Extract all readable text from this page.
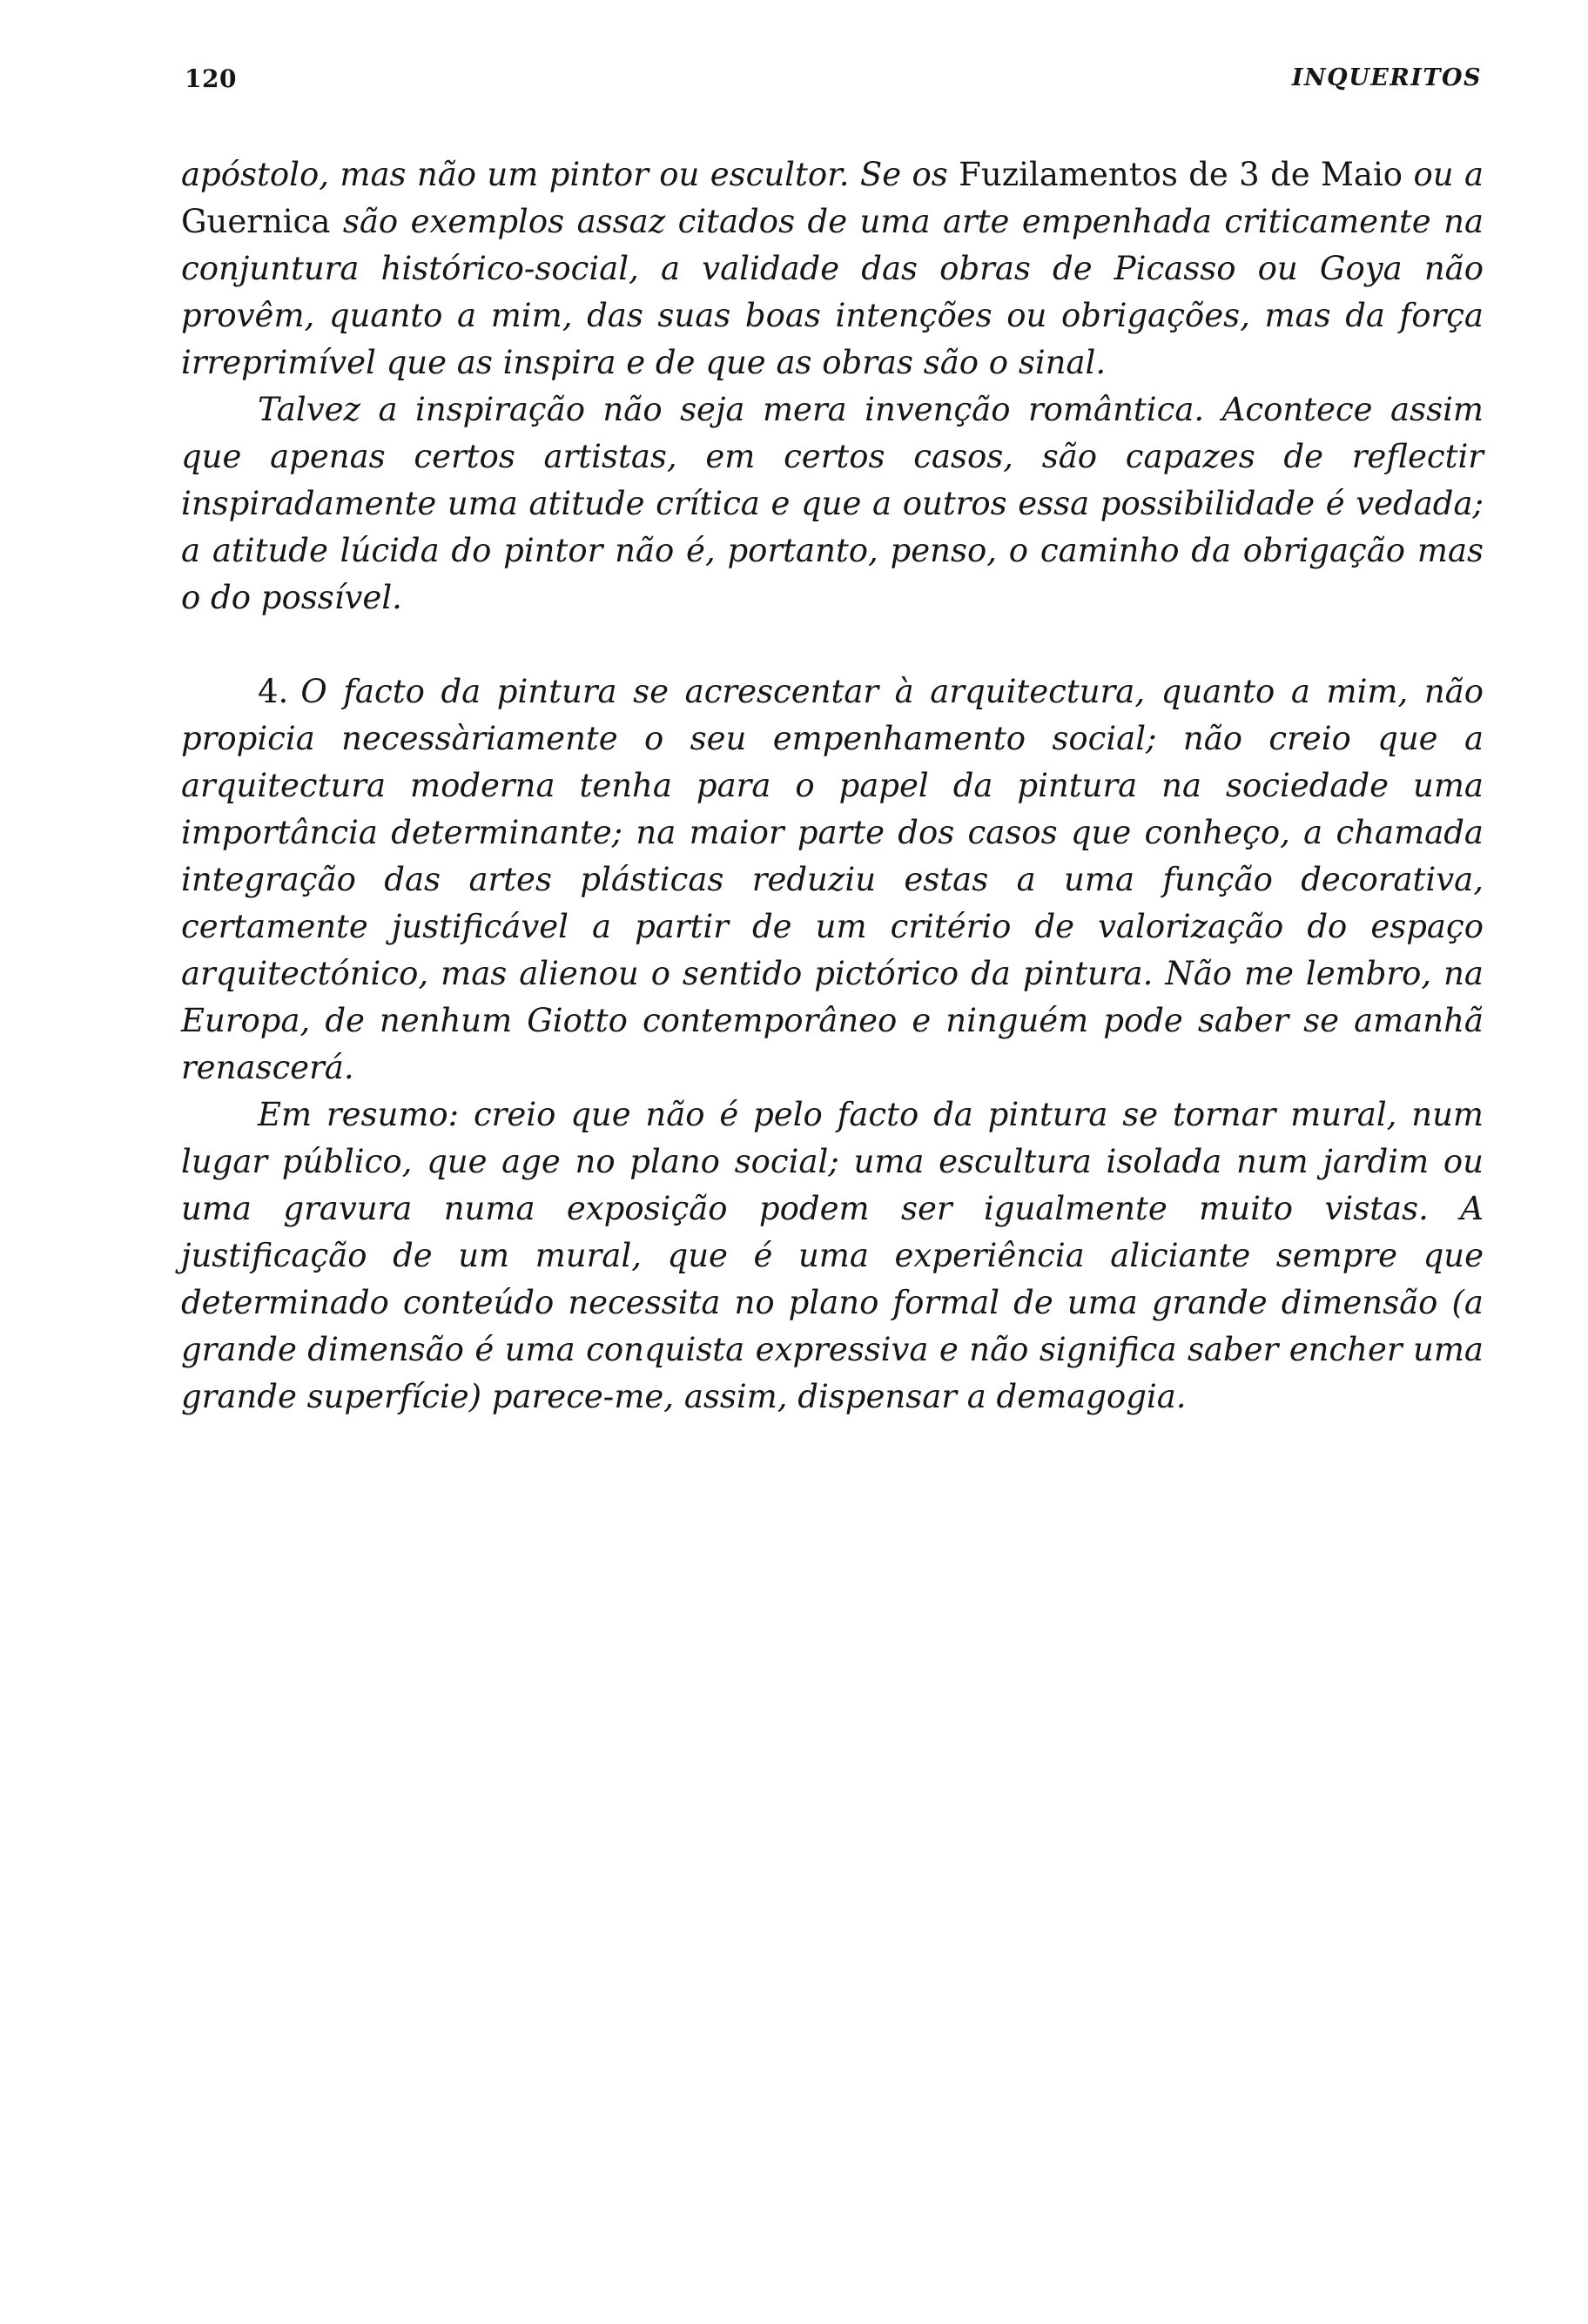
120	INQUERITOS

apóstolo, mas não um pintor ou escultor. Se os Fuzilamentos de 3 de Maio ou a Guernica são exemplos assaz citados de uma arte empenhada criticamente na conjuntura histórico-social, a validade das obras de Picasso ou Goya não provêm, quanto a mim, das suas boas intenções ou obrigações, mas da força irreprimível que as inspira e de que as obras são o sinal.

Talvez a inspiração não seja mera invenção romântica. Acontece assim que apenas certos artistas, em certos casos, são capazes de reflectir inspiradamente uma atitude crítica e que a outros essa possibilidade é vedada; a atitude lúcida do pintor não é, portanto, penso, o caminho da obrigação mas o do possível.

4. O facto da pintura se acrescentar à arquitectura, quanto a mim, não propicia necessàriamente o seu empenhamento social; não creio que a arquitectura moderna tenha para o papel da pintura na sociedade uma importância determinante; na maior parte dos casos que conheço, a chamada integração das artes plásticas reduziu estas a uma função decorativa, certamente justificável a partir de um critério de valorização do espaço arquitectónico, mas alienou o sentido pictórico da pintura. Não me lembro, na Europa, de nenhum Giotto contemporâneo e ninguém pode saber se amanhã renascerá.

Em resumo: creio que não é pelo facto da pintura se tornar mural, num lugar público, que age no plano social; uma escultura isolada num jardim ou uma gravura numa exposição podem ser igualmente muito vistas. A justificação de um mural, que é uma experiência aliciante sempre que determinado conteúdo necessita no plano formal de uma grande dimensão (a grande dimensão é uma conquista expressiva e não significa saber encher uma grande superfície) parece-me, assim, dispensar a demagogia.
